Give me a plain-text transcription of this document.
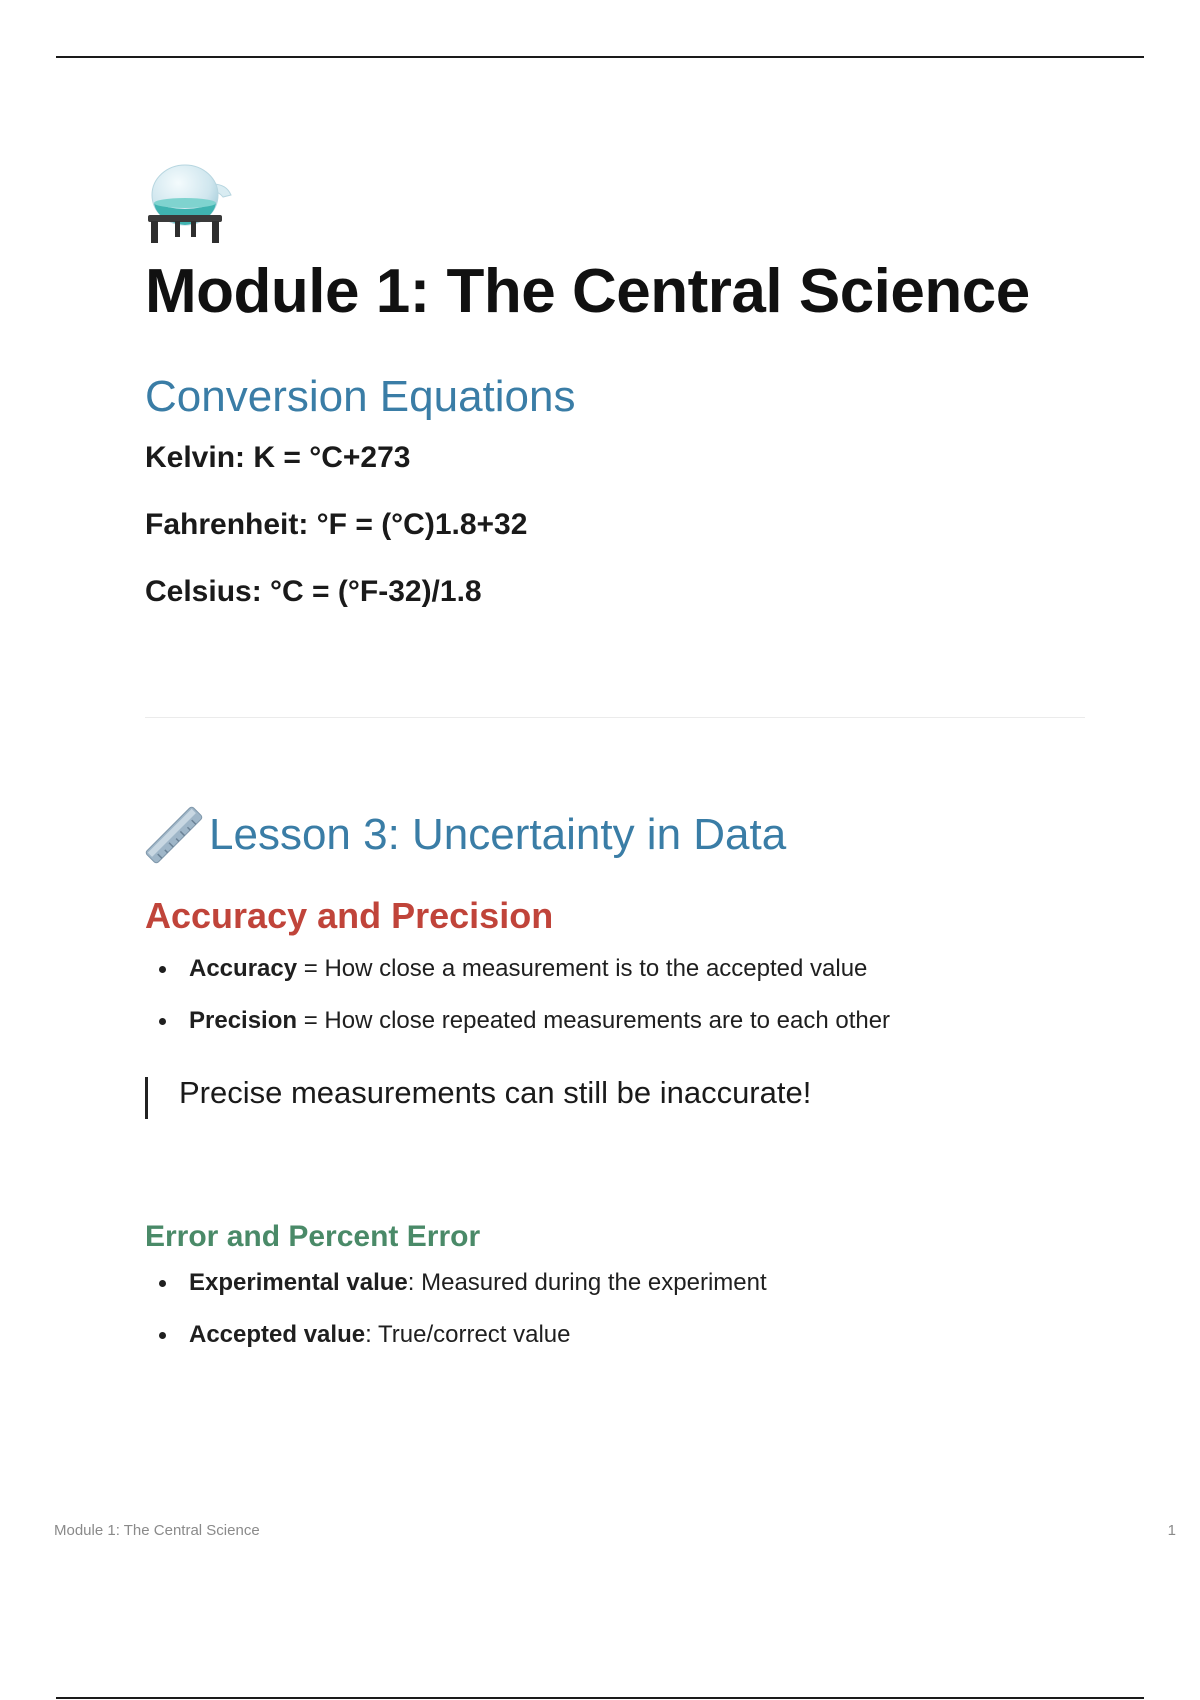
Module 1: The Central Science
Conversion Equations

Kelvin: K = °C+273

Fahrenheit: °F = (°C)1.8+32

Celsius: °C = (°F-32)/1.8

Lesson 3: Uncertainty in Data
Accuracy and Precision
Accuracy = How close a measurement is to the accepted value
Precision = How close repeated measurements are to each other
Precise measurements can still be inaccurate!
Error and Percent Error
Experimental value: Measured during the experiment
Accepted value: True/correct value
Module 1: The Central Science	1
